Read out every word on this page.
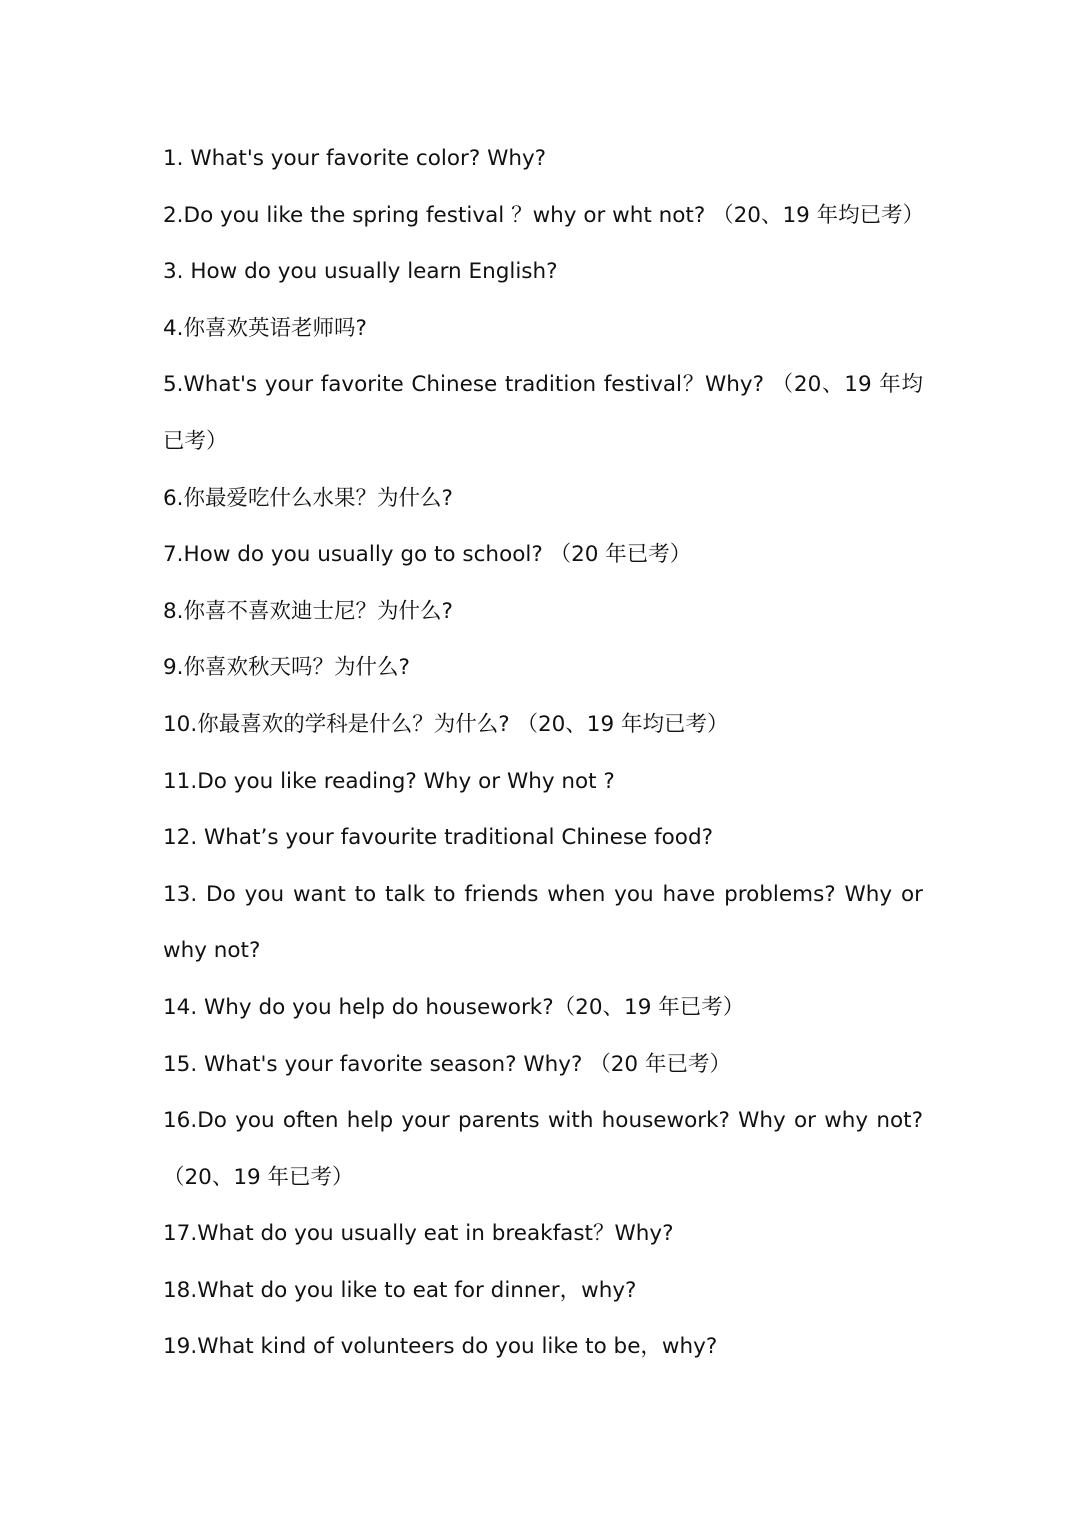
1. What's your favorite color? Why?
2.Do you like the spring festival ？why or wht not? （20、19 年均已考）
3. How do you usually learn English?
4.你喜欢英语老师吗?
5.What's your favorite Chinese tradition festival？Why? （20、19 年均已考）
6.你最爱吃什么水果？为什么?
7.How do you usually go to school? （20 年已考）
8.你喜不喜欢迪士尼？为什么?
9.你喜欢秋天吗？为什么?
10.你最喜欢的学科是什么？为什么? （20、19 年均已考）
11.Do you like reading? Why or Why not ?
12. What’s your favourite traditional Chinese food?
13. Do you want to talk to friends when you have problems? Why or why not?
14. Why do you help do housework?（20、19 年已考）
15. What's your favorite season? Why? （20 年已考）
16.Do you often help your parents with housework? Why or why not? （20、19 年已考）
17.What do you usually eat in breakfast？Why?
18.What do you like to eat for dinner，why?
19.What kind of volunteers do you like to be，why?
